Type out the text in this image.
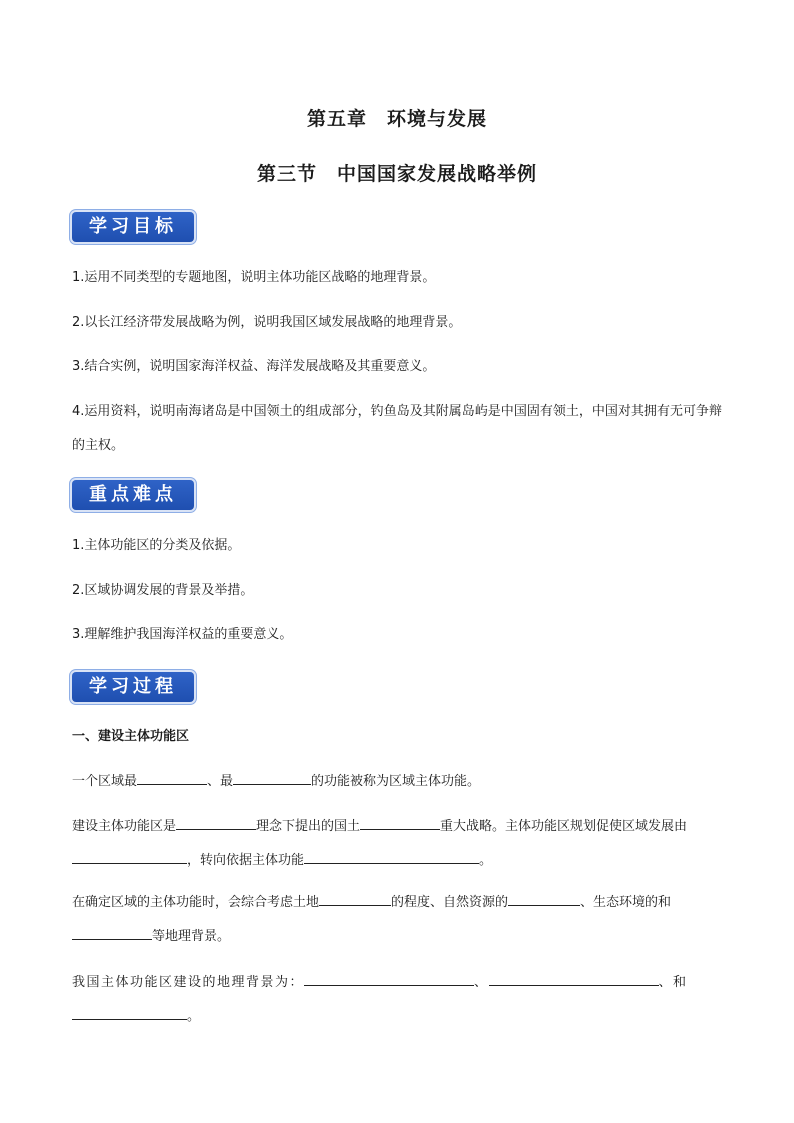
第五章　环境与发展
第三节　中国国家发展战略举例
学习目标

1.运用不同类型的专题地图，说明主体功能区战略的地理背景。

2.以长江经济带发展战略为例，说明我国区域发展战略的地理背景。

3.结合实例，说明国家海洋权益、海洋发展战略及其重要意义。

4.运用资料，说明南海诸岛是中国领土的组成部分，钓鱼岛及其附属岛屿是中国固有领土，中国对其拥有无可争辩的主权。

重点难点

1.主体功能区的分类及依据。

2.区域协调发展的背景及举措。

3.理解维护我国海洋权益的重要意义。

学习过程

一、建设主体功能区

一个区域最	、最	的功能被称为区域主体功能。

建设主体功能区是	理念下提出的国土	重大战略。主体功能区规划促使区域发展由，转向依据主体功能	。

在确定区域的主体功能时，会综合考虑土地	的程度、自然资源的	、生态环境的和等地理背景。

我国主体功能区建设的地理背景为：	、	、和。
